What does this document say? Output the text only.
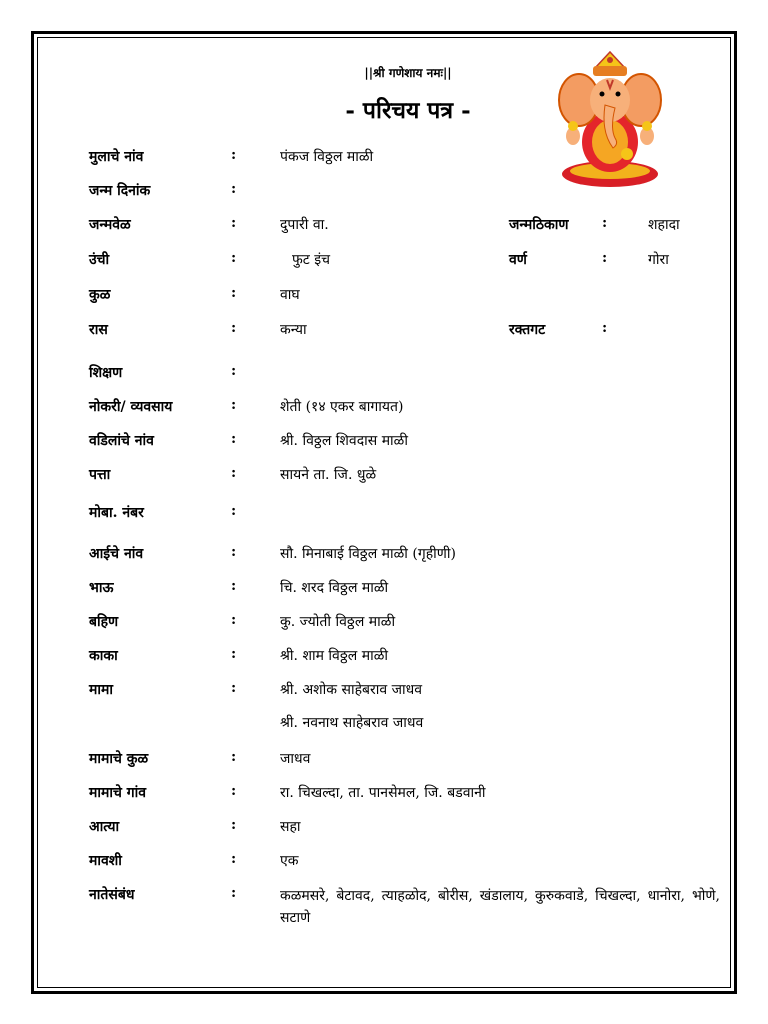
||श्री गणेशाय नमः||
- परिचय पत्र -
मुलाचे नांव	:	पंकज विठ्ठल माळी
जन्म दिनांक	:
जन्मवेळ	:	दुपारी वा.	जन्मठिकाण :	शहादा
उंची	:	फुट इंच	वर्ण	:	गोरा
कुळ	:	वाघ
रास	:	कन्या	रक्तगट	:
शिक्षण	:
नोकरी/ व्यवसाय	:	शेती (१४ एकर बागायत)
वडिलांचे नांव	:	श्री. विठ्ठल शिवदास माळी
पत्ता	:	सायने ता. जि. धुळे
मोबा. नंबर	:
आईचे नांव	:	सौ. मिनाबाई विठ्ठल माळी (गृहीणी)
भाऊ	:	चि. शरद विठ्ठल माळी
बहिण	:	कु. ज्योती विठ्ठल माळी
काका	:	श्री. शाम विठ्ठल माळी
मामा	:	श्री. अशोक साहेबराव जाधव
श्री. नवनाथ साहेबराव जाधव
मामाचे कुळ	:	जाधव
मामाचे गांव	:	रा. चिखल्दा, ता. पानसेमल, जि. बडवानी
आत्या	:	सहा
मावशी	:	एक
नातेसंबंध	:	कळमसरे, बेटावद, त्याहळोद, बोरीस, खंडालाय, कुरुकवाडे, चिखल्दा, धानोरा, भोणे, सटाणे
